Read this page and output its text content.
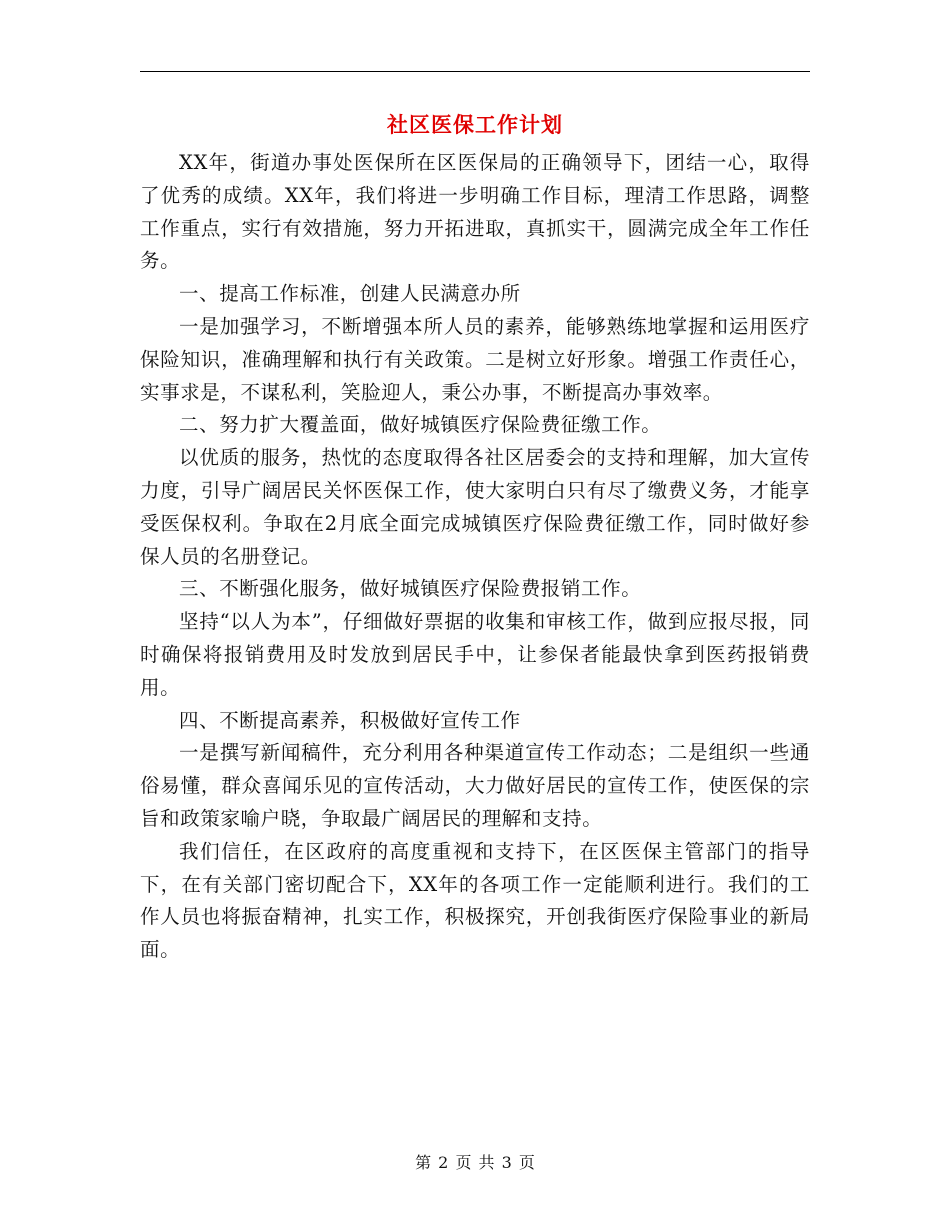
社区医保工作计划

XX年，街道办事处医保所在区医保局的正确领导下，团结一心，取得了优秀的成绩。XX年，我们将进一步明确工作目标，理清工作思路，调整工作重点，实行有效措施，努力开拓进取，真抓实干，圆满完成全年工作任务。

一、提高工作标准，创建人民满意办所

一是加强学习，不断增强本所人员的素养，能够熟练地掌握和运用医疗保险知识，准确理解和执行有关政策。二是树立好形象。增强工作责任心，实事求是，不谋私利，笑脸迎人，秉公办事，不断提高办事效率。

二、努力扩大覆盖面，做好城镇医疗保险费征缴工作。

以优质的服务，热忱的态度取得各社区居委会的支持和理解，加大宣传力度，引导广阔居民关怀医保工作，使大家明白只有尽了缴费义务，才能享受医保权利。争取在2月底全面完成城镇医疗保险费征缴工作，同时做好参保人员的名册登记。

三、不断强化服务，做好城镇医疗保险费报销工作。

坚持“以人为本”，仔细做好票据的收集和审核工作，做到应报尽报，同时确保将报销费用及时发放到居民手中，让参保者能最快拿到医药报销费用。

四、不断提高素养，积极做好宣传工作

一是撰写新闻稿件，充分利用各种渠道宣传工作动态；二是组织一些通俗易懂，群众喜闻乐见的宣传活动，大力做好居民的宣传工作，使医保的宗旨和政策家喻户晓，争取最广阔居民的理解和支持。

我们信任，在区政府的高度重视和支持下，在区医保主管部门的指导下，在有关部门密切配合下，XX年的各项工作一定能顺利进行。我们的工作人员也将振奋精神，扎实工作，积极探究，开创我街医疗保险事业的新局面。

第 2 页 共 3 页
